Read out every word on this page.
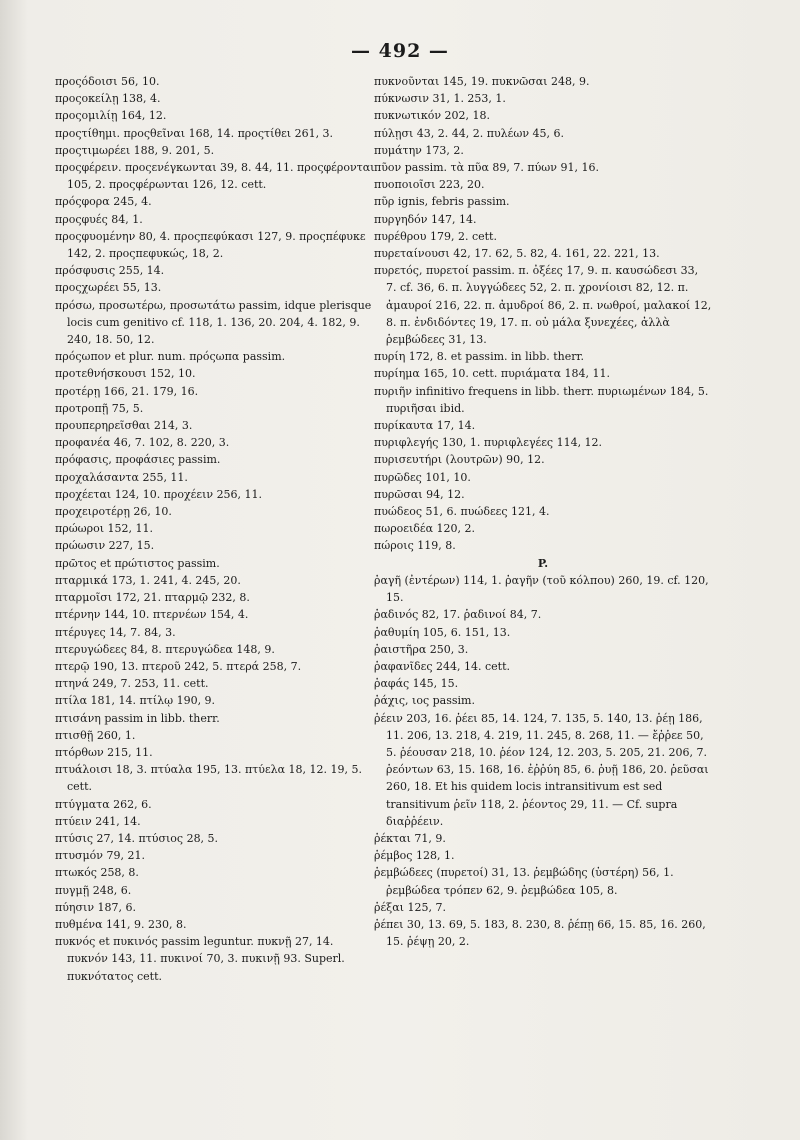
— 492 —
προςόδοισι 56, 10.
προςοκείλῃ 138, 4.
προςομιλίῃ 164, 12.
προςτίθημι. προςθεῖναι 168, 14. προςτίθει 261, 3.
προςτιμωρέει 188, 9. 201, 5.
προςφέρειν. προςενέγκωνται 39, 8. 44, 11. προςφέρονται 105, 2. προςφέρωνται 126, 12. cett.
πρόςφορα 245, 4.
προςφυές 84, 1.
προςφυομένην 80, 4. προςπεφύκασι 127, 9. προςπέφυκε 142, 2. προςπεφυκώς, 18, 2.
πρόσφυσις 255, 14.
προςχωρέει 55, 13.
πρόσω, προσωτέρω, προσωτάτω passim, idque plerisque locis cum genitivo cf. 118, 1. 136, 20. 204, 4. 182, 9. 240, 18. 50, 12.
πρόςωπον et plur. num. πρόςωπα passim.
προτεθνήσκουσι 152, 10.
προτέρῃ 166, 21. 179, 16.
προτροπῇ 75, 5.
προυπερηρεῖσθαι 214, 3.
προφανέα 46, 7. 102, 8. 220, 3.
πρόφασις, προφάσιες passim.
προχαλάσαντα 255, 11.
προχέεται 124, 10. προχέειν 256, 11.
προχειροτέρῃ 26, 10.
πρώωροι 152, 11.
πρώωσιν 227, 15.
πρῶτος et πρώτιστος passim.
πταρμικά 173, 1. 241, 4. 245, 20.
πταρμοῖσι 172, 21. πταρμῷ 232, 8.
πτέρνην 144, 10. πτερνέων 154, 4.
πτέρυγες 14, 7. 84, 3.
πτερυγώδεες 84, 8. πτερυγώδεα 148, 9.
πτερῷ 190, 13. πτεροῦ 242, 5. πτερά 258, 7.
πτηνά 249, 7. 253, 11. cett.
πτίλα 181, 14. πτίλῳ 190, 9.
πτισάνη passim in libb. therr.
πτισθῇ 260, 1.
πτόρθων 215, 11.
πτυάλοισι 18, 3. πτύαλα 195, 13. πτύελα 18, 12. 19, 5. cett.
πτύγματα 262, 6.
πτύειν 241, 14.
πτύσις 27, 14. πτύσιος 28, 5.
πτυσμόν 79, 21.
πτωκός 258, 8.
πυγμῇ 248, 6.
πύησιν 187, 6.
πυθμένα 141, 9. 230, 8.
πυκνός et πυκινός passim leguntur. πυκνῇ 27, 14. πυκνόν 143, 11. πυκινοί 70, 3. πυκινῇ 93. Superl. πυκνότατος cett.
πυκνοῦνται 145, 19. πυκνῶσαι 248, 9.
πύκνωσιν 31, 1. 253, 1.
πυκνωτικόν 202, 18.
πύλῃσι 43, 2. 44, 2. πυλέων 45, 6.
πυμάτην 173, 2.
πῦον passim. τὰ πῦα 89, 7. πύων 91, 16.
πυοποιοῖσι 223, 20.
πῦρ ignis, febris passim.
πυργηδόν 147, 14.
πυρέθρου 179, 2. cett.
πυρεταίνουσι 42, 17. 62, 5. 82, 4. 161, 22. 221, 13.
πυρετός, πυρετοί passim. π. ὀξέες 17, 9. π. καυσώδεσι 33, 7. cf. 36, 6. π. λυγγώδεες 52, 2. π. χρονίοισι 82, 12. π. ἀμαυροί 216, 22. π. ἀμυδροί 86, 2. π. νωθροί, μαλακοί 12, 8. π. ἐνδιδόντες 19, 17. π. οὐ μάλα ξυνεχέες, ἀλλὰ ῥεμβώδεες 31, 13.
πυρίη 172, 8. et passim. in libb. therr.
πυρίημα 165, 10. cett. πυριάματα 184, 11.
πυριῆν infinitivo frequens in libb. therr. πυριωμένων 184, 5. πυριῆσαι ibid.
πυρίκαυτα 17, 14.
πυριφλεγής 130, 1. πυριφλεγέες 114, 12.
πυρισευτήρι (λουτρῶν) 90, 12.
πυρῶδες 101, 10.
πυρῶσαι 94, 12.
πυώδεος 51, 6. πυώδεες 121, 4.
πωροειδέα 120, 2.
πώροις 119, 8.
P.
ῥαγῆ (ἐντέρων) 114, 1. ῥαγῆν (τοῦ κόλπου) 260, 19. cf. 120, 15.
ῥαδινός 82, 17. ῥαδινοί 84, 7.
ῥαθυμίη 105, 6. 151, 13.
ῥαιστῆρα 250, 3.
ῥαφανῖδες 244, 14. cett.
ῥαφάς 145, 15.
ῥάχις, ιος passim.
ῥέειν 203, 16. ῥέει 85, 14. 124, 7. 135, 5. 140, 13. ῥέῃ 186, 11. 206, 13. 218, 4. 219, 11. 245, 8. 268, 11. — ἔῤῥεε 50, 5. ῥέουσαν 218, 10. ῥέον 124, 12. 203, 5. 205, 21. 206, 7. ῥεόντων 63, 15. 168, 16. ἐῤῥύη 85, 6. ῥυῇ 186, 20. ῥεῦσαι 260, 18. Et his quidem locis intransitivum est sed transitivum ῥεῖν 118, 2. ῥέοντος 29, 11. — Cf. supra διαῤῥέειν.
ῥέκται 71, 9.
ῥέμβος 128, 1.
ῥεμβώδεες (πυρετοί) 31, 13. ῥεμβώδης (ὑστέρη) 56, 1. ῥεμβώδεα τρόπεν 62, 9. ῥεμβώδεα 105, 8.
ῥέξαι 125, 7.
ῥέπει 30, 13. 69, 5. 183, 8. 230, 8. ῥέπῃ 66, 15. 85, 16. 260, 15. ῥέψῃ 20, 2.
